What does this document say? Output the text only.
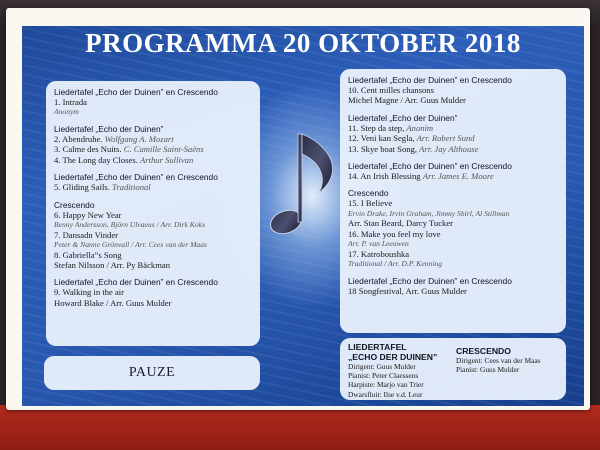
PROGRAMMA 20 OKTOBER 2018
Liedertafel „Echo der Duinen” en Crescendo
1. Intrada
Anonym
Liedertafel „Echo der Duinen”
2. Abendruhe. Wolfgang A. Mozart
3. Calme des Nuits. C. Camille Saint-Saëns
4. The Long day Closes. Arthur Sullivan
Liedertafel „Echo der Duinen” en Crescendo
5. Gliding Sails. Traditional
Crescendo
6. Happy New Year
Benny Andersson, Björn Ulvaeus / Arr. Dirk Kokx
7. Dansadn Vinder
Peter & Nanne Grönvall / Arr. Cees van der Maas
8. Gabriella”s Song
Stefan Nilsson / Arr. Py Bäckman
Liedertafel „Echo der Duinen” en Crescendo
9. Walking in the air
Howard Blake / Arr. Guus Mulder
PAUZE
Liedertafel „Echo der Duinen” en Crescendo
10. Cent milles chansons
Michel Magne / Arr. Guus Mulder
Liedertafel „Echo der Duinen”
11. Step da step, Anonim
12. Veni kan Segla, Arr. Robert Sund
13. Skye boat Song, Arr. Jay Althouse
Liedertafel „Echo der Duinen” en Crescendo
14. An Irish Blessing Arr. James E. Moore
Crescendo
15. I Believe
Ervin Drake, Irvin Graham, Jimmy Shirl, Al Stillman
Arr. Stan Beard, Darcy Tucker
16. Make you feel my love
Arr. P. van Leeuwen
17. Katroboushka
Traditional / Arr. D.P. Kenning
Liedertafel „Echo der Duinen” en Crescendo
18 Songfestival, Arr. Guus Mulder
LIEDERTAFEL
„ECHO DER DUINEN”
Dirigent: Guus Mulder
Pianist: Peter Claessens
Harpiste: Marjo van Trier
Dwarsfluit: Ilse v.d. Leur
CRESCENDO
Dirigent: Cees van der Maas
Pianist: Guus Mulder
